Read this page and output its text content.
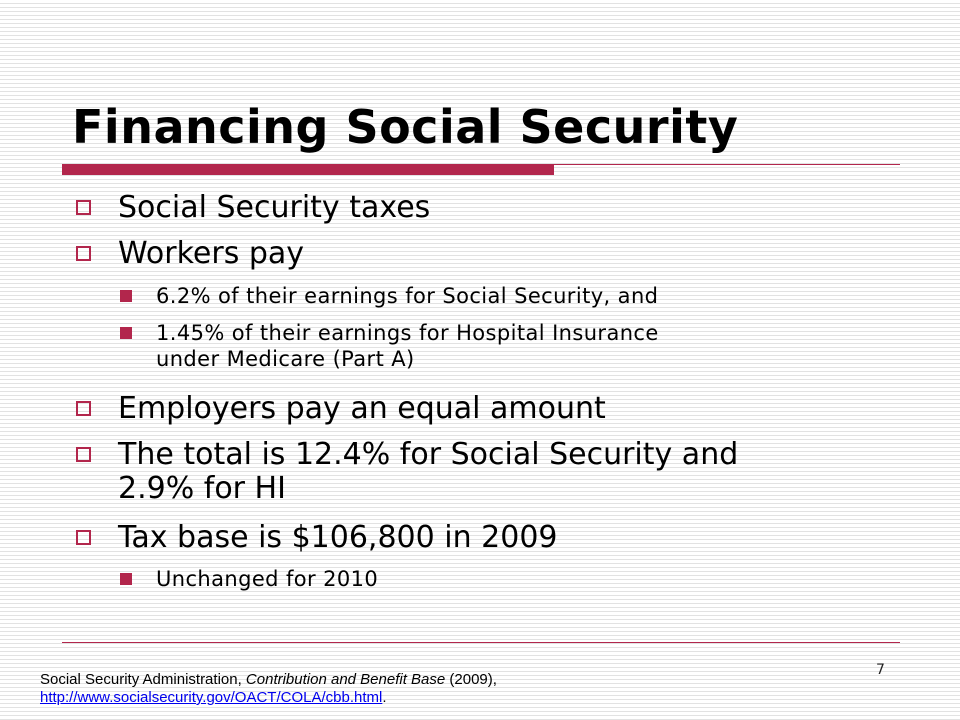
Financing Social Security
Social Security taxes
Workers pay
6.2% of their earnings for Social Security, and
1.45% of their earnings for Hospital Insurance
under Medicare (Part A)
Employers pay an equal amount
The total is 12.4% for Social Security and
2.9% for HI
Tax base is $106,800 in 2009
Unchanged for 2010
7
Social Security Administration, Contribution and Benefit Base (2009),
http://www.socialsecurity.gov/OACT/COLA/cbb.html.
